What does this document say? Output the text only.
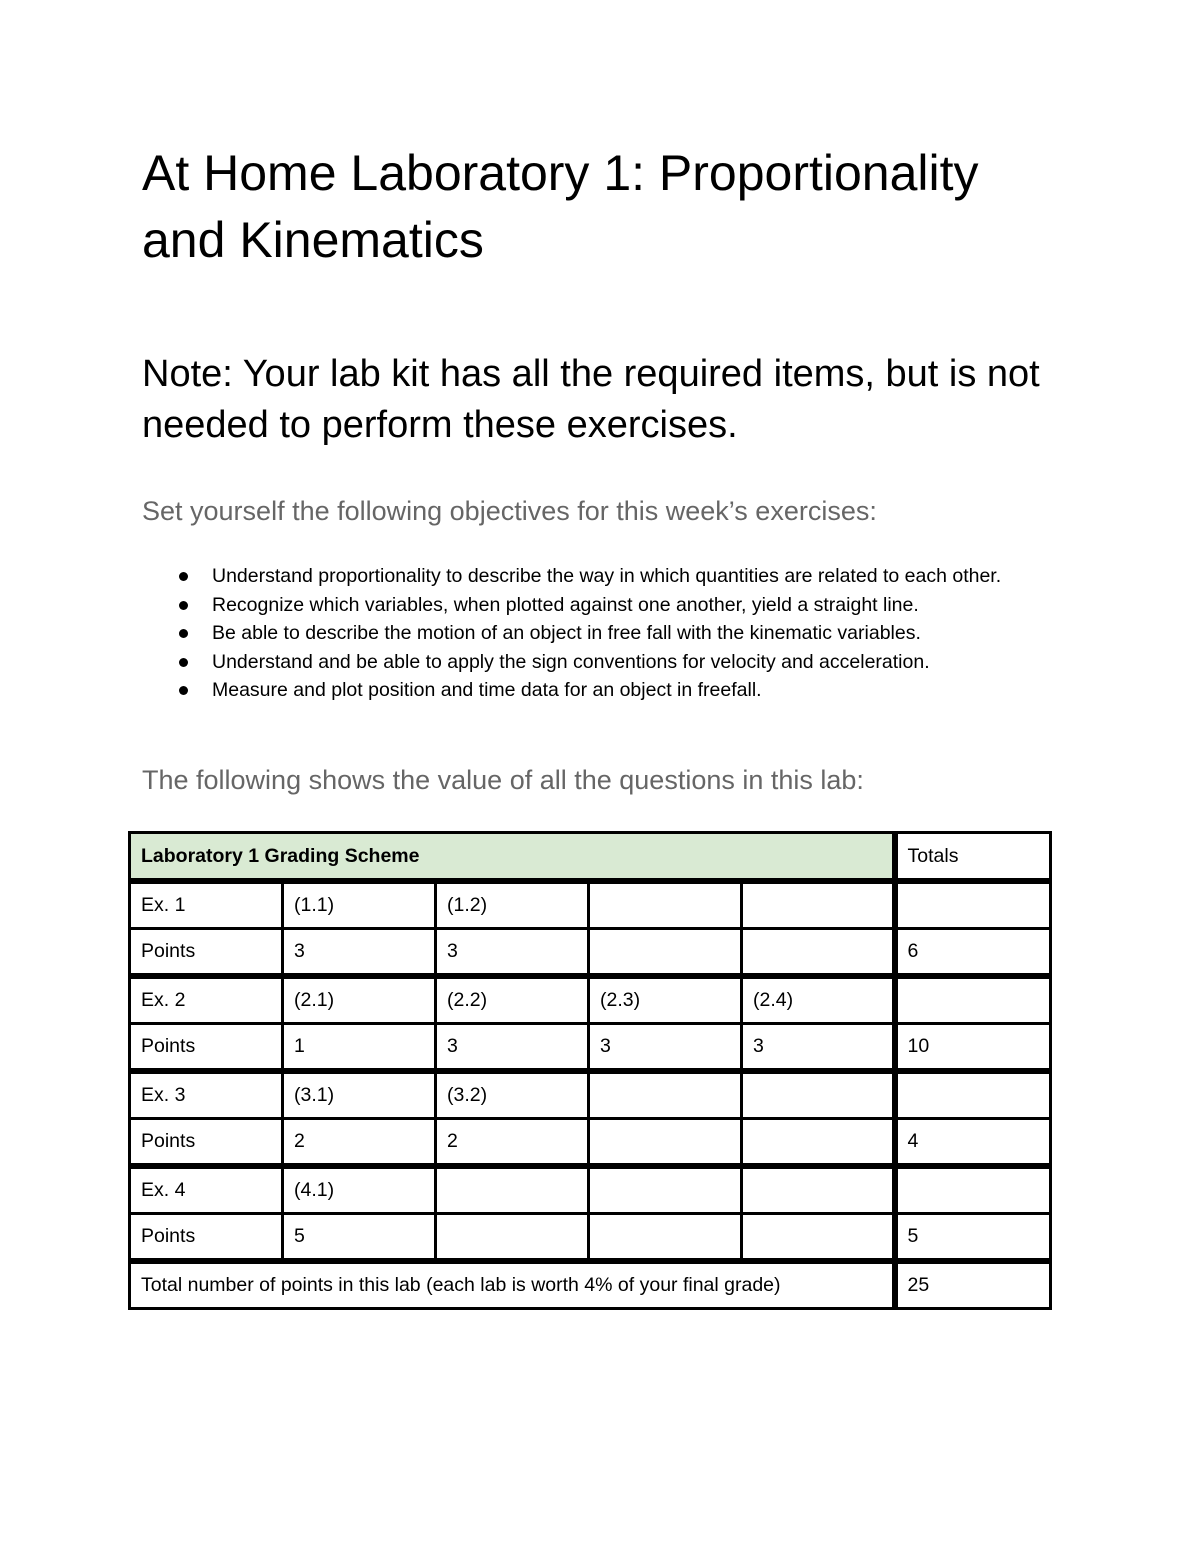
At Home Laboratory 1: Proportionality and Kinematics

Note: Your lab kit has all the required items, but is not needed to perform these exercises.

Set yourself the following objectives for this week’s exercises:

Understand proportionality to describe the way in which quantities are related to each other.
Recognize which variables, when plotted against one another, yield a straight line.
Be able to describe the motion of an object in free fall with the kinematic variables.
Understand and be able to apply the sign conventions for velocity and acceleration.
Measure and plot position and time data for an object in freefall.

The following shows the value of all the questions in this lab:

Laboratory 1 Grading Scheme					Totals
Ex. 1	(1.1)	(1.2)			
Points	3	3			6
Ex. 2	(2.1)	(2.2)	(2.3)	(2.4)	
Points	1	3	3	3	10
Ex. 3	(3.1)	(3.2)			
Points	2	2			4
Ex. 4	(4.1)				
Points	5				5
Total number of points in this lab (each lab is worth 4% of your final grade)					25
